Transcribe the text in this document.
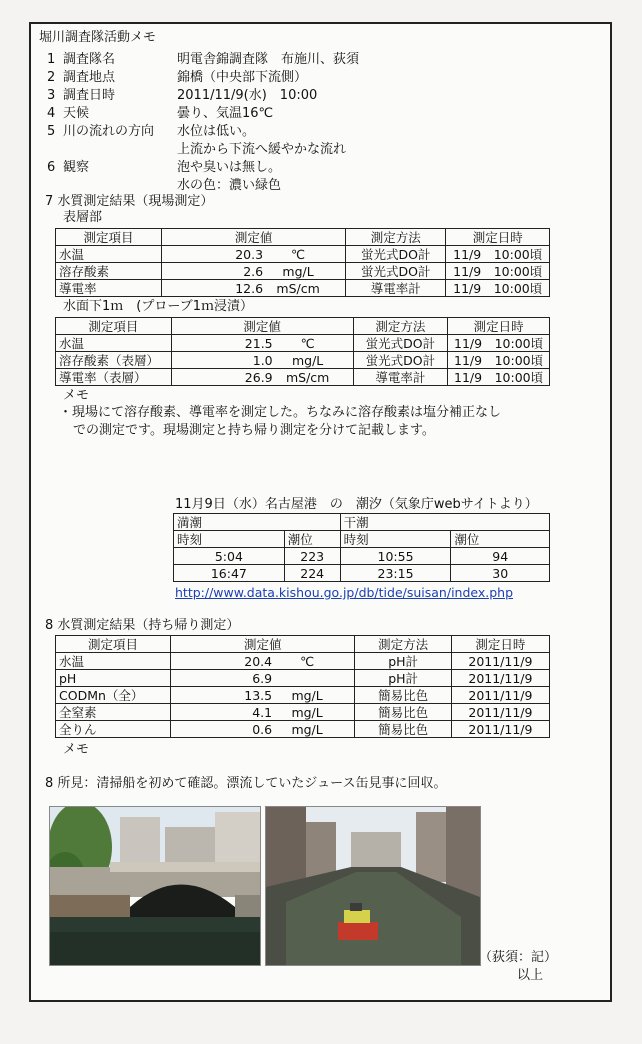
堀川調査隊活動メモ
1 調査隊名	明電舎錦調査隊　布施川、荻須
2 調査地点	錦橋（中央部下流側）
3 調査日時	2011/11/9(水)　10:00
4 天候	曇り、気温16℃
5 川の流れの方向 水位は低い。
上流から下流へ緩やかな流れ
6 観察	泡や臭いは無し。
水の色：濃い緑色
7 水質測定結果（現場測定）
表層部
測定項目	測定値	測定方法	測定日時
水温	20.3 ℃	蛍光式DO計	11/9　10:00頃
溶存酸素	2.6 mg/L	蛍光式DO計	11/9　10:00頃
導電率	12.6 mS/cm	導電率計	11/9　10:00頃
水面下1ｍ　(プローブ1ｍ浸漬）
測定項目	測定値	測定方法	測定日時
水温	21.5 ℃	蛍光式DO計	11/9　10:00頃
溶存酸素（表層）	1.0 mg/L	蛍光式DO計	11/9　10:00頃
導電率（表層）	26.9 mS/cm	導電率計	11/9　10:00頃
メモ
・現場にて溶存酸素、導電率を測定した。ちなみに溶存酸素は塩分補正なし
での測定です。現場測定と持ち帰り測定を分けて記載します。
11月9日（水）名古屋港　の　潮汐（気象庁webサイトより）
満潮		干潮	
時刻	潮位	時刻	潮位
5:04	223	10:55	94
16:47	224	23:15	30
http://www.data.kishou.go.jp/db/tide/suisan/index.php
8 水質測定結果（持ち帰り測定）
測定項目	測定値	測定方法	測定日時
水温	20.4 ℃	pH計	2011/11/9
pH	6.9	pH計	2011/11/9
CODMn（全）	13.5 mg/L	簡易比色	2011/11/9
全窒素	4.1 mg/L	簡易比色	2011/11/9
全りん	0.6 mg/L	簡易比色	2011/11/9
メモ
8 所見：清掃船を初めて確認。漂流していたジュース缶見事に回収。
（荻須：記）
以上
